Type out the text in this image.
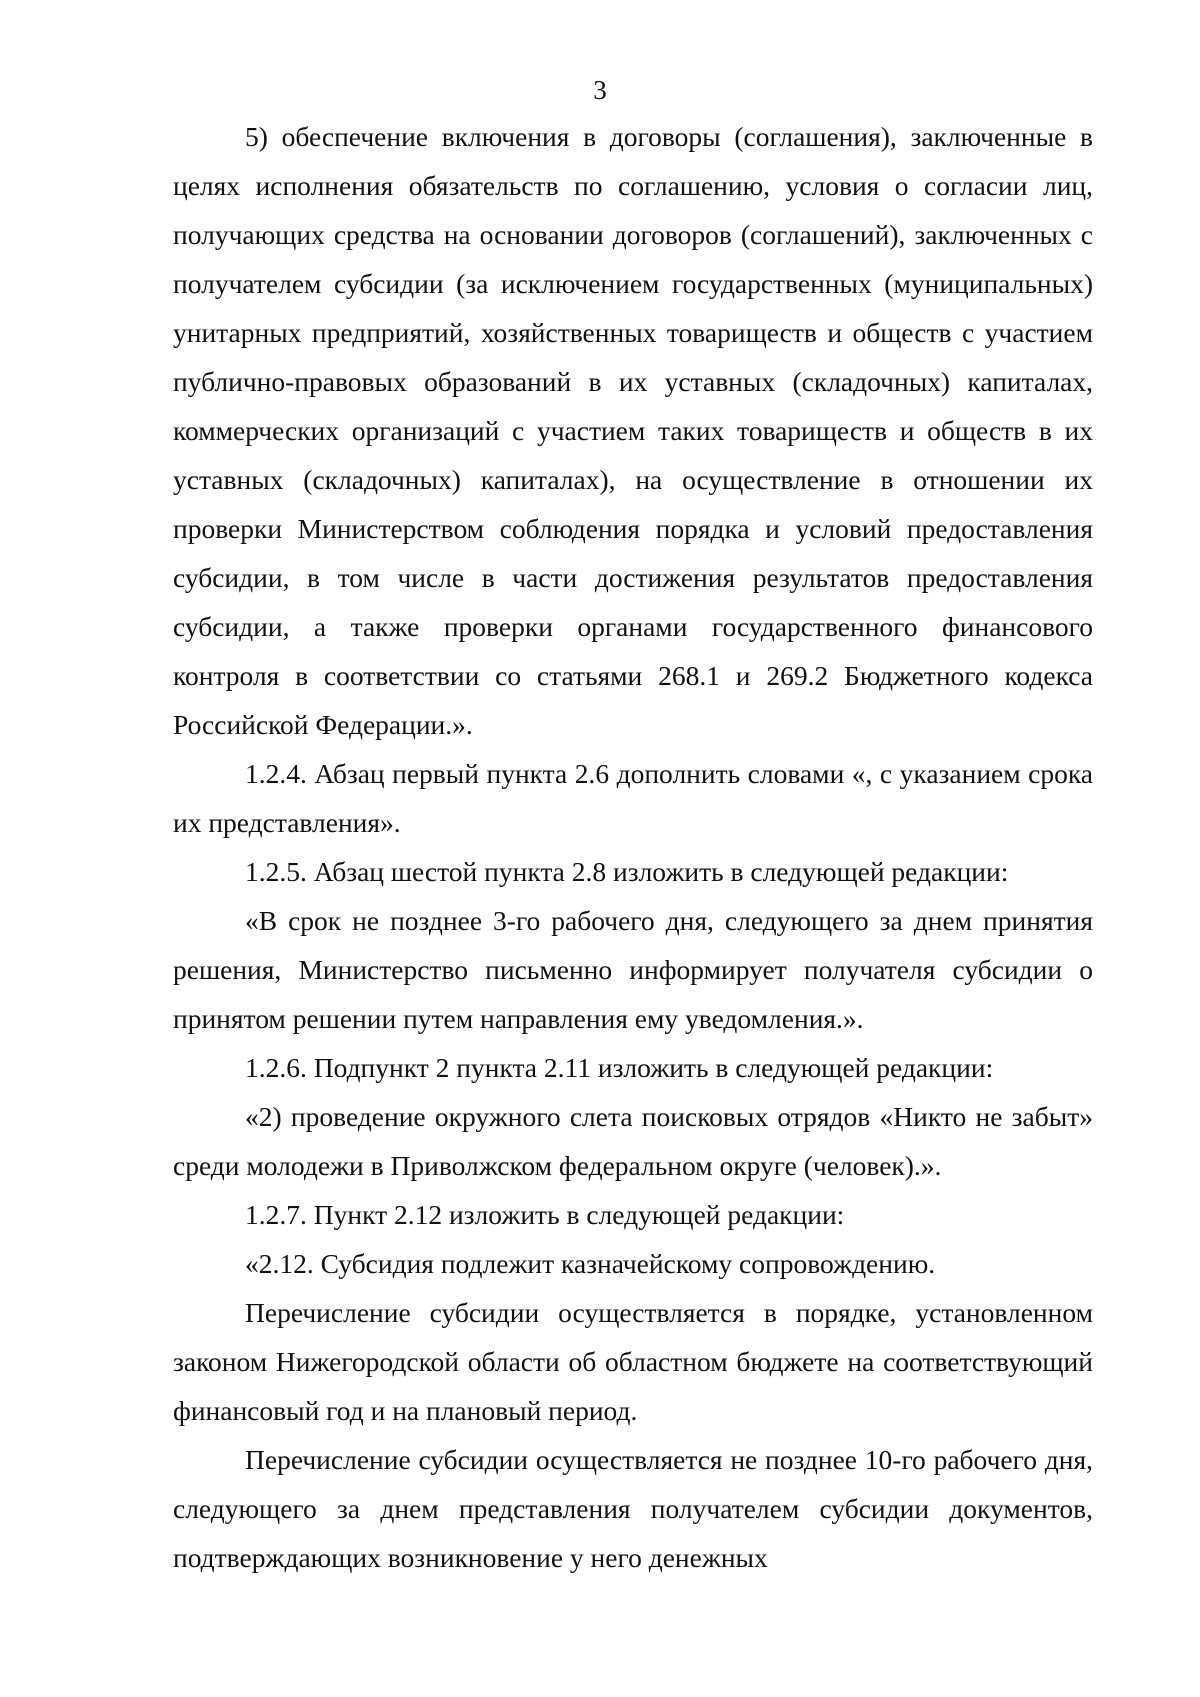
3

5) обеспечение включения в договоры (соглашения), заключенные в целях исполнения обязательств по соглашению, условия о согласии лиц, получающих средства на основании договоров (соглашений), заключенных с получателем субсидии (за исключением государственных (муниципальных) унитарных предприятий, хозяйственных товариществ и обществ с участием публично-правовых образований в их уставных (складочных) капиталах, коммерческих организаций с участием таких товариществ и обществ в их уставных (складочных) капиталах), на осуществление в отношении их проверки Министерством соблюдения порядка и условий предоставления субсидии, в том числе в части достижения результатов предоставления субсидии, а также проверки органами государственного финансового контроля в соответствии со статьями 268.1 и 269.2 Бюджетного кодекса Российской Федерации.».

1.2.4. Абзац первый пункта 2.6 дополнить словами «, с указанием срока их представления».

1.2.5. Абзац шестой пункта 2.8 изложить в следующей редакции:

«В срок не позднее 3-го рабочего дня, следующего за днем принятия решения, Министерство письменно информирует получателя субсидии о принятом решении путем направления ему уведомления.».

1.2.6. Подпункт 2 пункта 2.11 изложить в следующей редакции:

«2) проведение окружного слета поисковых отрядов «Никто не забыт» среди молодежи в Приволжском федеральном округе (человек).».

1.2.7. Пункт 2.12 изложить в следующей редакции:

«2.12. Субсидия подлежит казначейскому сопровождению.

Перечисление субсидии осуществляется в порядке, установленном законом Нижегородской области об областном бюджете на соответствующий финансовый год и на плановый период.

Перечисление субсидии осуществляется не позднее 10-го рабочего дня, следующего за днем представления получателем субсидии документов, подтверждающих возникновение у него денежных
